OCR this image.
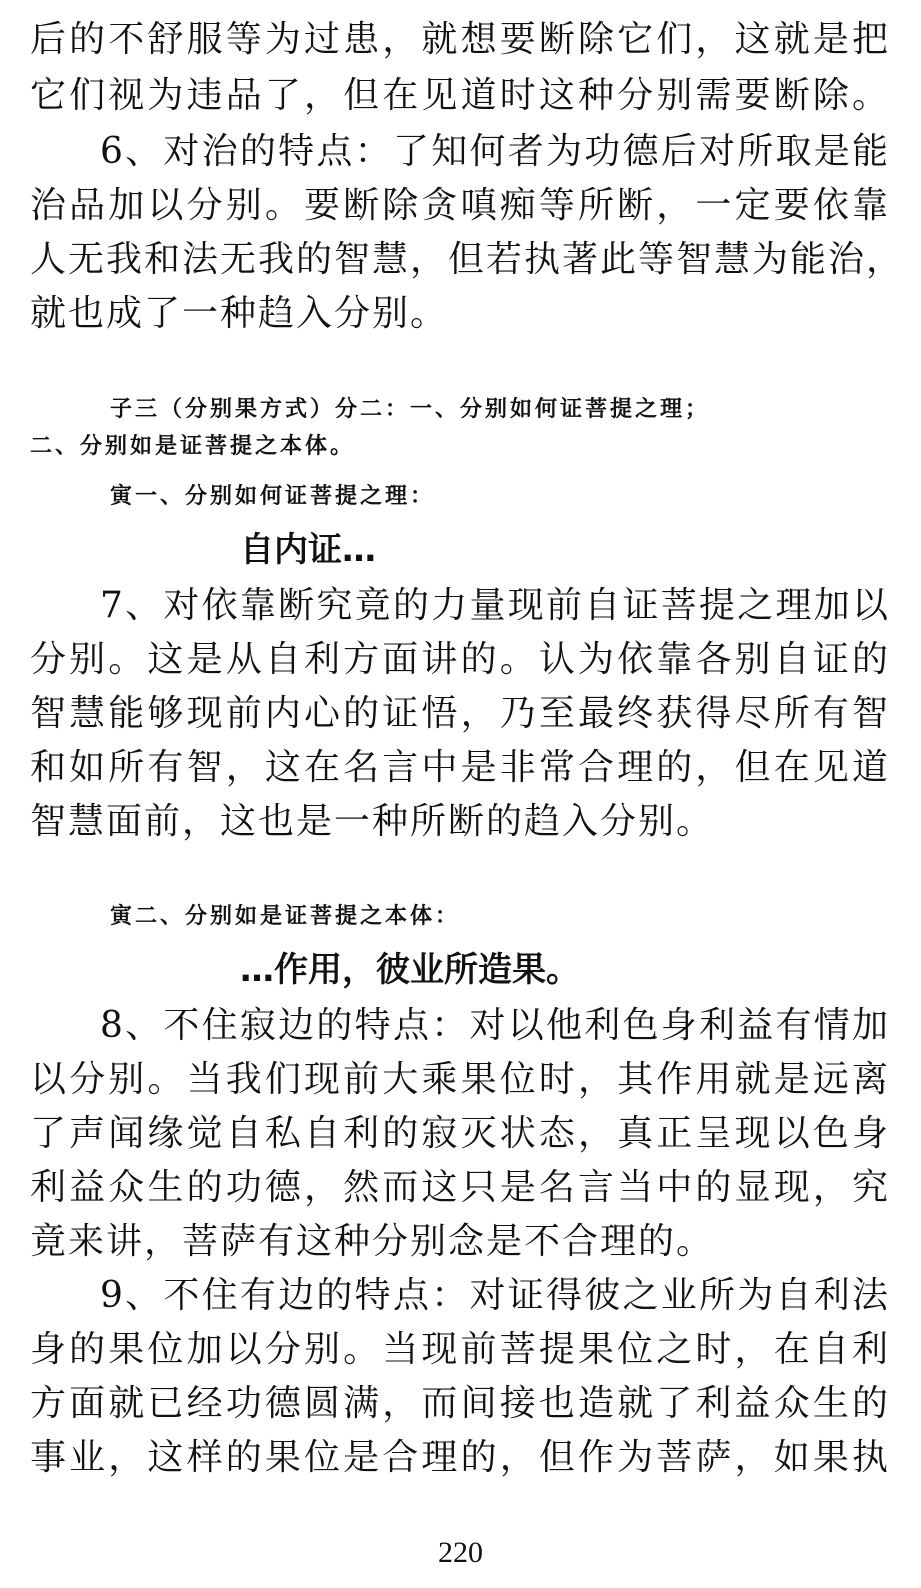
后的不舒服等为过患，就想要断除它们，这就是把
它们视为违品了，但在见道时这种分别需要断除。
6、对治的特点：了知何者为功德后对所取是能
治品加以分别。要断除贪嗔痴等所断，一定要依靠
人无我和法无我的智慧，但若执著此等智慧为能治，
就也成了一种趋入分别。
子三（分别果方式）分二：一、分别如何证菩提之理；
二、分别如是证菩提之本体。
寅一、分别如何证菩提之理：
自内证…
7、对依靠断究竟的力量现前自证菩提之理加以
分别。这是从自利方面讲的。认为依靠各别自证的
智慧能够现前内心的证悟，乃至最终获得尽所有智
和如所有智，这在名言中是非常合理的，但在见道
智慧面前，这也是一种所断的趋入分别。
寅二、分别如是证菩提之本体：
…作用，彼业所造果。
8、不住寂边的特点：对以他利色身利益有情加
以分别。当我们现前大乘果位时，其作用就是远离
了声闻缘觉自私自利的寂灭状态，真正呈现以色身
利益众生的功德，然而这只是名言当中的显现，究
竟来讲，菩萨有这种分别念是不合理的。
9、不住有边的特点：对证得彼之业所为自利法
身的果位加以分别。当现前菩提果位之时，在自利
方面就已经功德圆满，而间接也造就了利益众生的
事业，这样的果位是合理的，但作为菩萨，如果执
220
